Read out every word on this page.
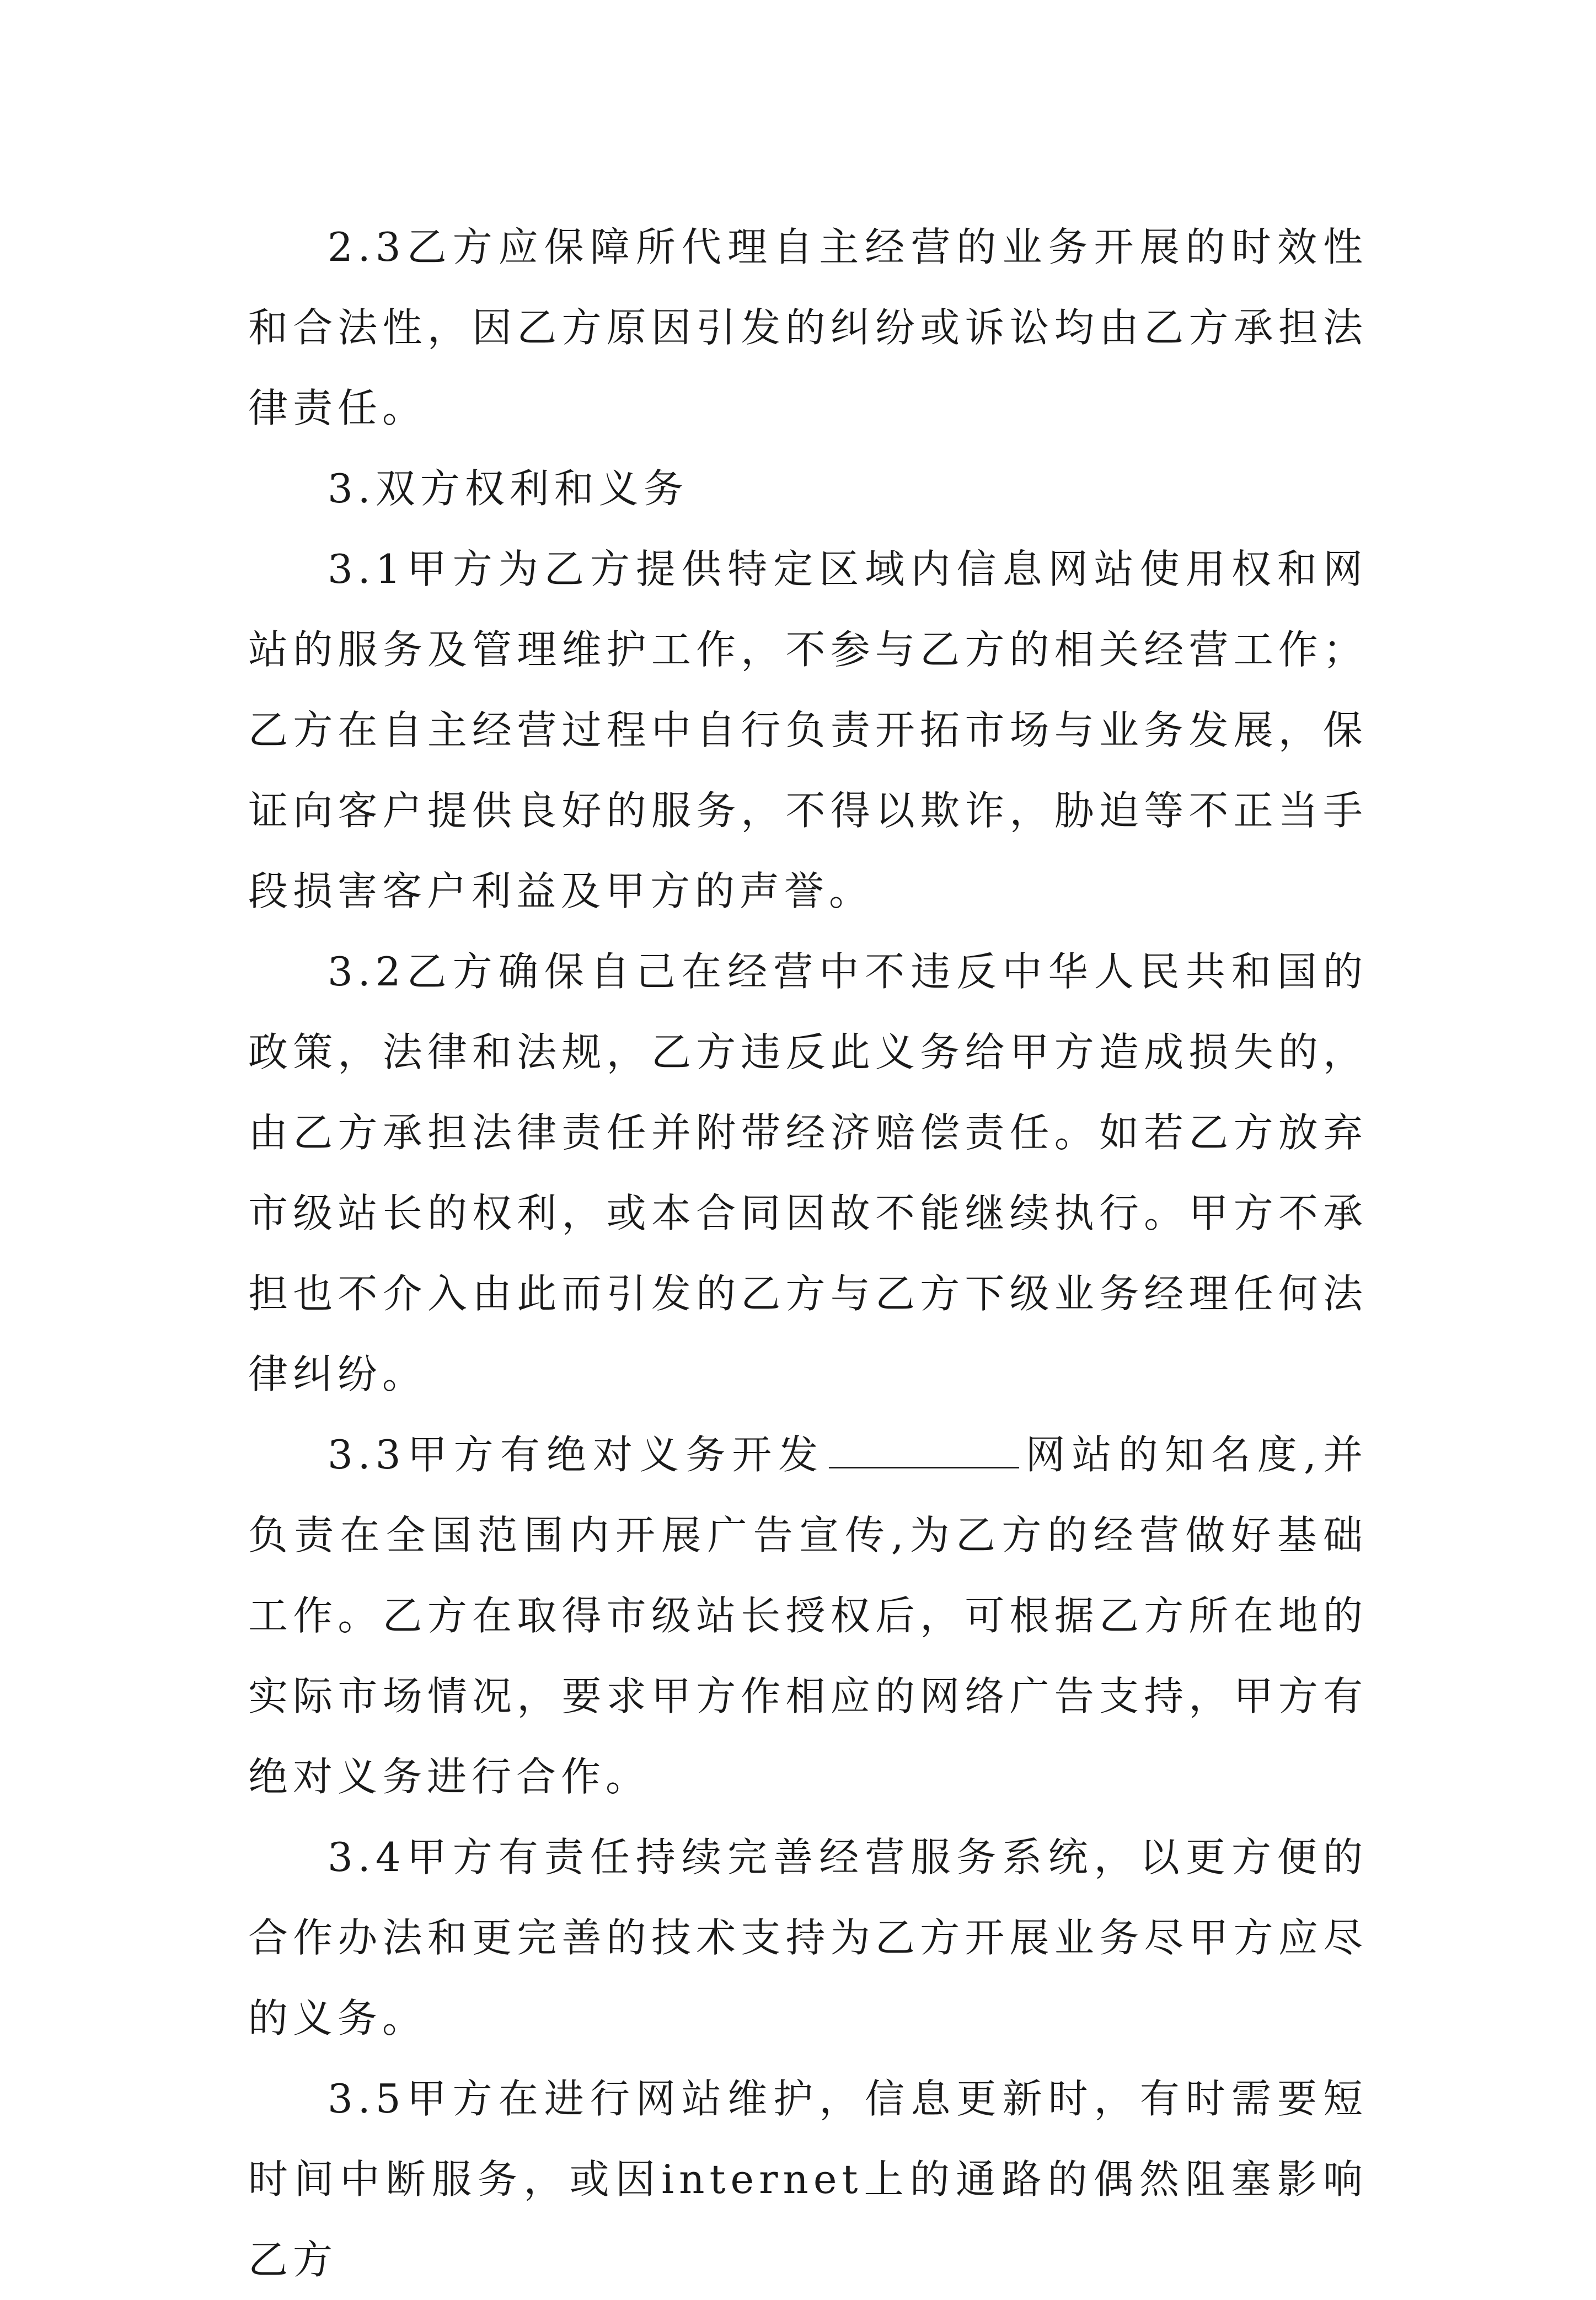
2.3乙方应保障所代理自主经营的业务开展的时效性和合法性，因乙方原因引发的纠纷或诉讼均由乙方承担法律责任。

3.双方权利和义务

3.1甲方为乙方提供特定区域内信息网站使用权和网站的服务及管理维护工作，不参与乙方的相关经营工作；乙方在自主经营过程中自行负责开拓市场与业务发展，保证向客户提供良好的服务，不得以欺诈，胁迫等不正当手段损害客户利益及甲方的声誉。

3.2乙方确保自己在经营中不违反中华人民共和国的政策，法律和法规，乙方违反此义务给甲方造成损失的，由乙方承担法律责任并附带经济赔偿责任。如若乙方放弃市级站长的权利，或本合同因故不能继续执行。甲方不承担也不介入由此而引发的乙方与乙方下级业务经理任何法律纠纷。

3.3甲方有绝对义务开发	网站的知名度,并负责在全国范围内开展广告宣传,为乙方的经营做好基础工作。乙方在取得市级站长授权后，可根据乙方所在地的实际市场情况，要求甲方作相应的网络广告支持，甲方有绝对义务进行合作。

3.4甲方有责任持续完善经营服务系统，以更方便的合作办法和更完善的技术支持为乙方开展业务尽甲方应尽的义务。

3.5甲方在进行网站维护，信息更新时，有时需要短时间中断服务，或因internet上的通路的偶然阻塞影响乙方
